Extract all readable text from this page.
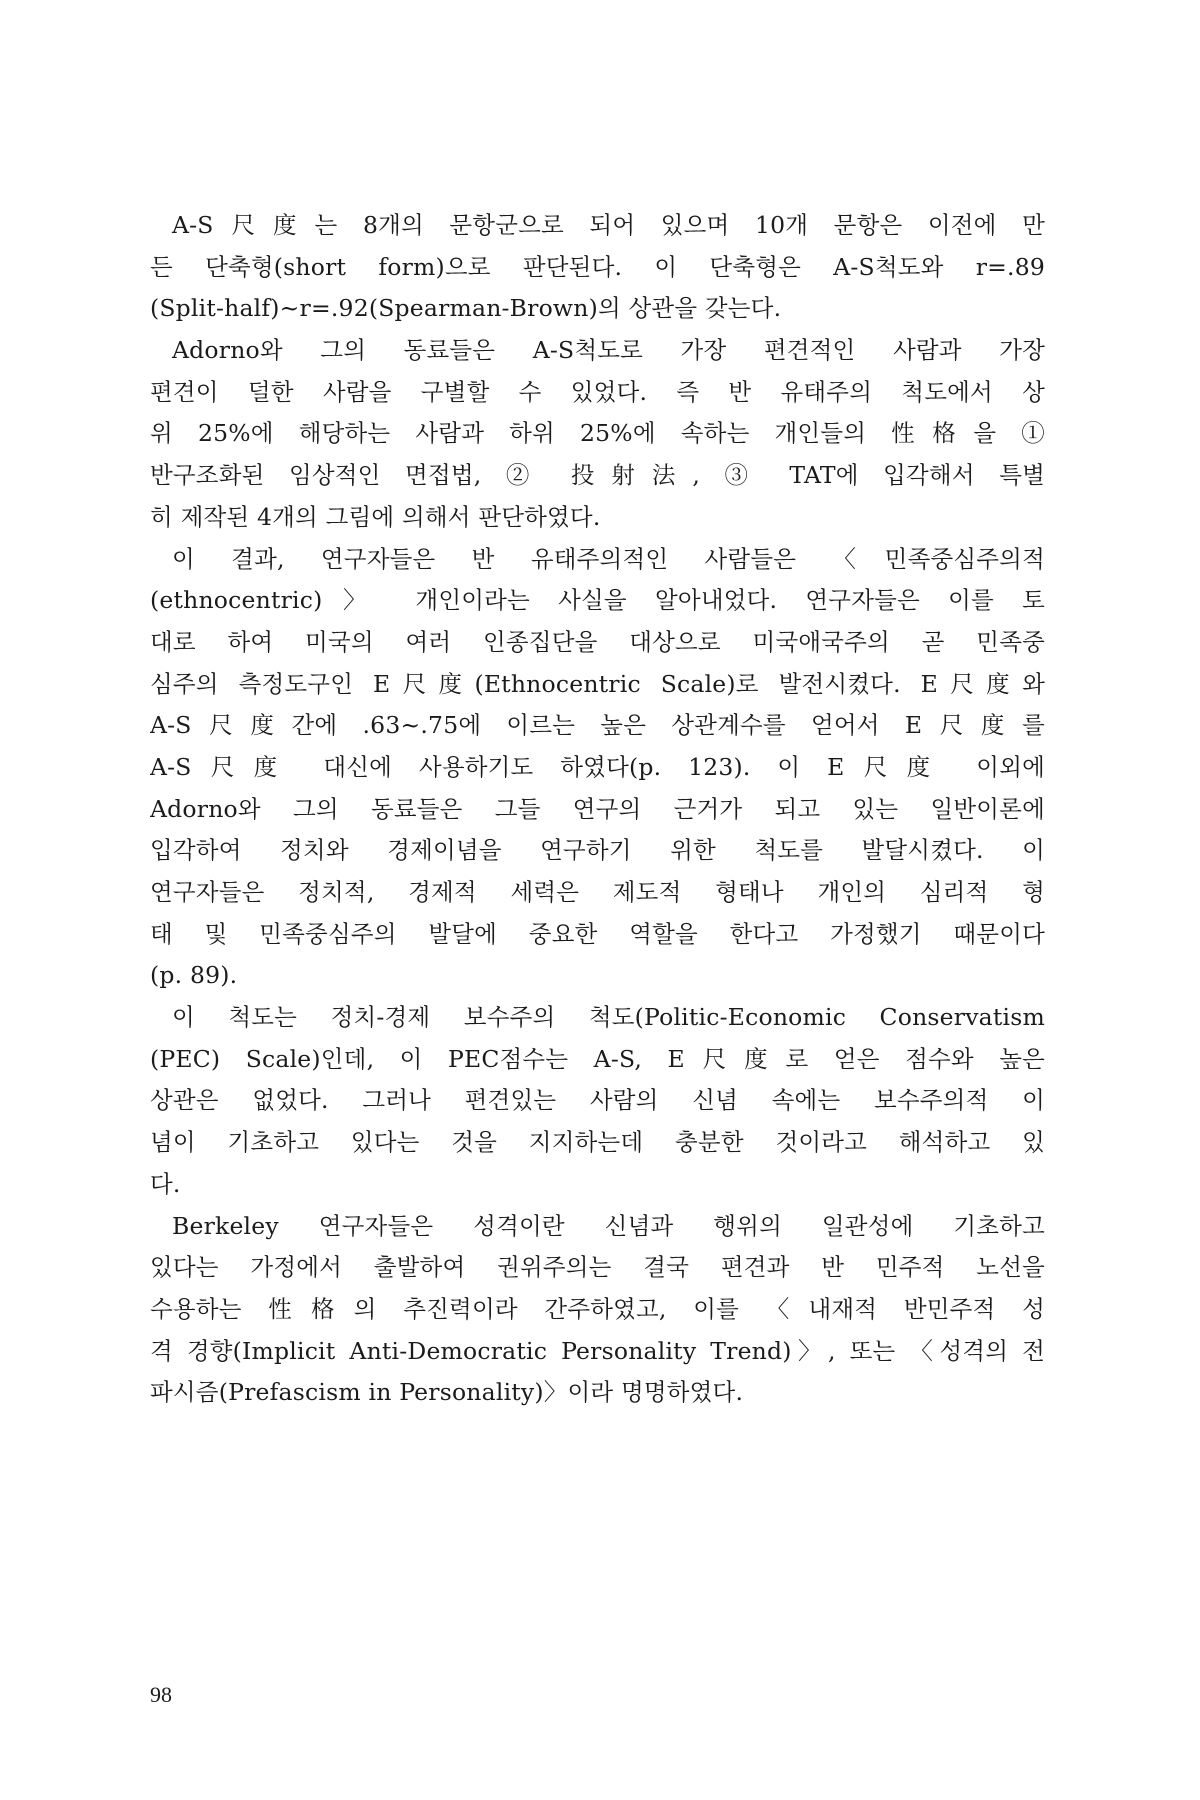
A-S尺度는 8개의 문항군으로 되어 있으며 10개 문항은 이전에 만
든 단축형(short form)으로 판단된다. 이 단축형은 A-S척도와 r=.89
(Split-half)~r=.92(Spearman-Brown)의 상관을 갖는다.
Adorno와 그의 동료들은 A-S척도로 가장 편견적인 사람과 가장
편견이 덜한 사람을 구별할 수 있었다. 즉 반 유태주의 척도에서 상
위 25%에 해당하는 사람과 하위 25%에 속하는 개인들의 性格을 ①
반구조화된 임상적인 면접법, ② 投射法, ③ TAT에 입각해서 특별
히 제작된 4개의 그림에 의해서 판단하였다.
이 결과, 연구자들은 반 유태주의적인 사람들은 〈민족중심주의적
(ethnocentric)〉 개인이라는 사실을 알아내었다. 연구자들은 이를 토
대로 하여 미국의 여러 인종집단을 대상으로 미국애국주의 곧 민족중
심주의 측정도구인 E尺度(Ethnocentric Scale)로 발전시켰다. E尺度와
A-S尺度간에 .63~.75에 이르는 높은 상관계수를 얻어서 E尺度를
A-S尺度 대신에 사용하기도 하였다(p. 123). 이 E尺度 이외에
Adorno와 그의 동료들은 그들 연구의 근거가 되고 있는 일반이론에
입각하여 정치와 경제이념을 연구하기 위한 척도를 발달시켰다. 이
연구자들은 정치적, 경제적 세력은 제도적 형태나 개인의 심리적 형
태 및 민족중심주의 발달에 중요한 역할을 한다고 가정했기 때문이다
(p. 89).
이 척도는 정치-경제 보수주의 척도(Politic-Economic Conservatism
(PEC) Scale)인데, 이 PEC점수는 A-S, E尺度로 얻은 점수와 높은
상관은 없었다. 그러나 편견있는 사람의 신념 속에는 보수주의적 이
념이 기초하고 있다는 것을 지지하는데 충분한 것이라고 해석하고 있
다.
Berkeley 연구자들은 성격이란 신념과 행위의 일관성에 기초하고
있다는 가정에서 출발하여 권위주의는 결국 편견과 반 민주적 노선을
수용하는 性格의 추진력이라 간주하였고, 이를 〈내재적 반민주적 성
격 경향(Implicit Anti-Democratic Personality Trend)〉, 또는 〈성격의 전
파시즘(Prefascism in Personality)〉이라 명명하였다.
98
